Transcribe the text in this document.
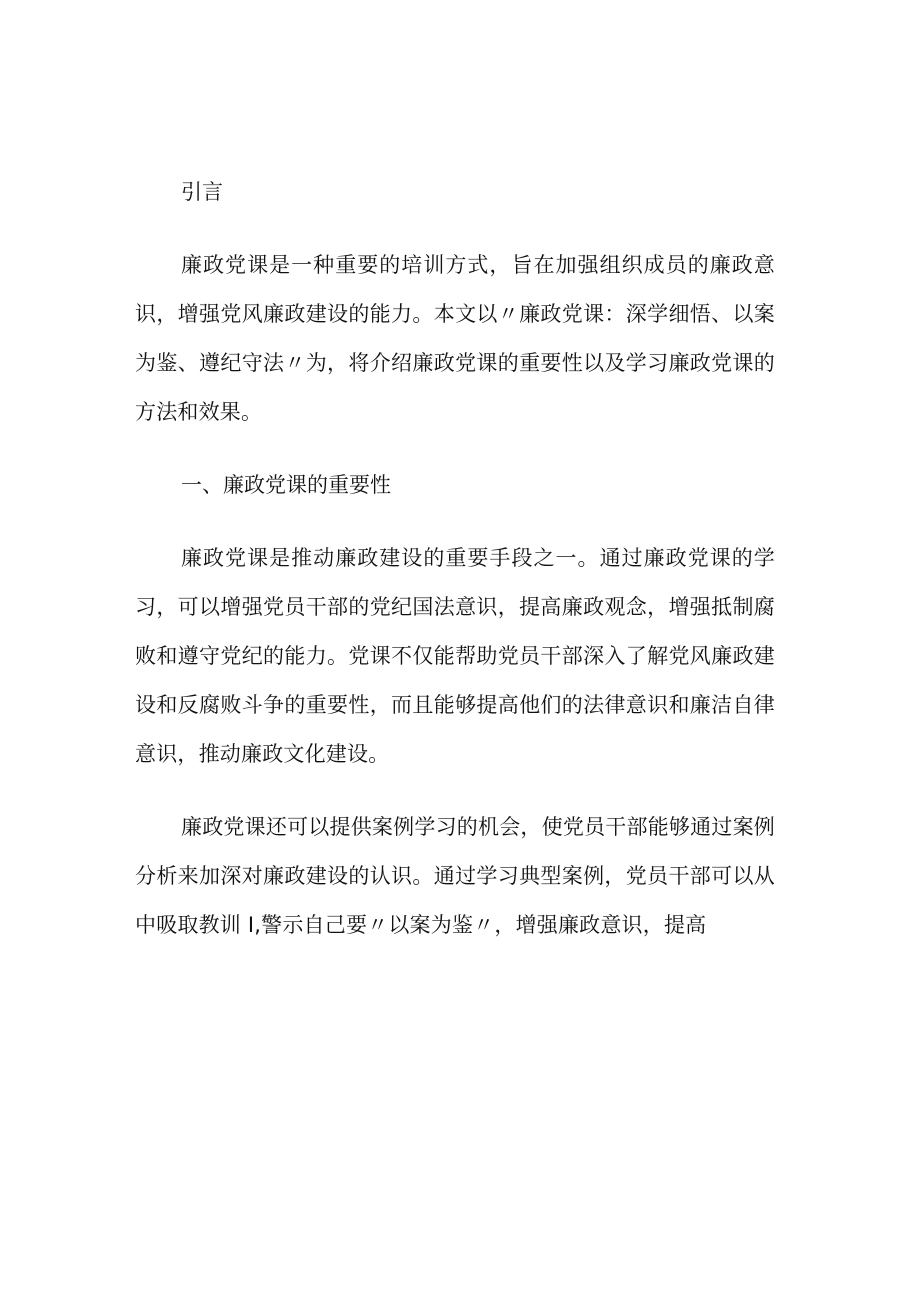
引言

廉政党课是一种重要的培训方式，旨在加强组织成员的廉政意识，增强党风廉政建设的能力。本文以〃廉政党课：深学细悟、以案为鉴、遵纪守法〃为，将介绍廉政党课的重要性以及学习廉政党课的方法和效果。

一、廉政党课的重要性

廉政党课是推动廉政建设的重要手段之一。通过廉政党课的学习，可以增强党员干部的党纪国法意识，提高廉政观念，增强抵制腐败和遵守党纪的能力。党课不仅能帮助党员干部深入了解党风廉政建设和反腐败斗争的重要性，而且能够提高他们的法律意识和廉洁自律意识，推动廉政文化建设。

廉政党课还可以提供案例学习的机会，使党员干部能够通过案例分析来加深对廉政建设的认识。通过学习典型案例，党员干部可以从中吸取教训 I,警示自己要〃以案为鉴〃，增强廉政意识，提高
